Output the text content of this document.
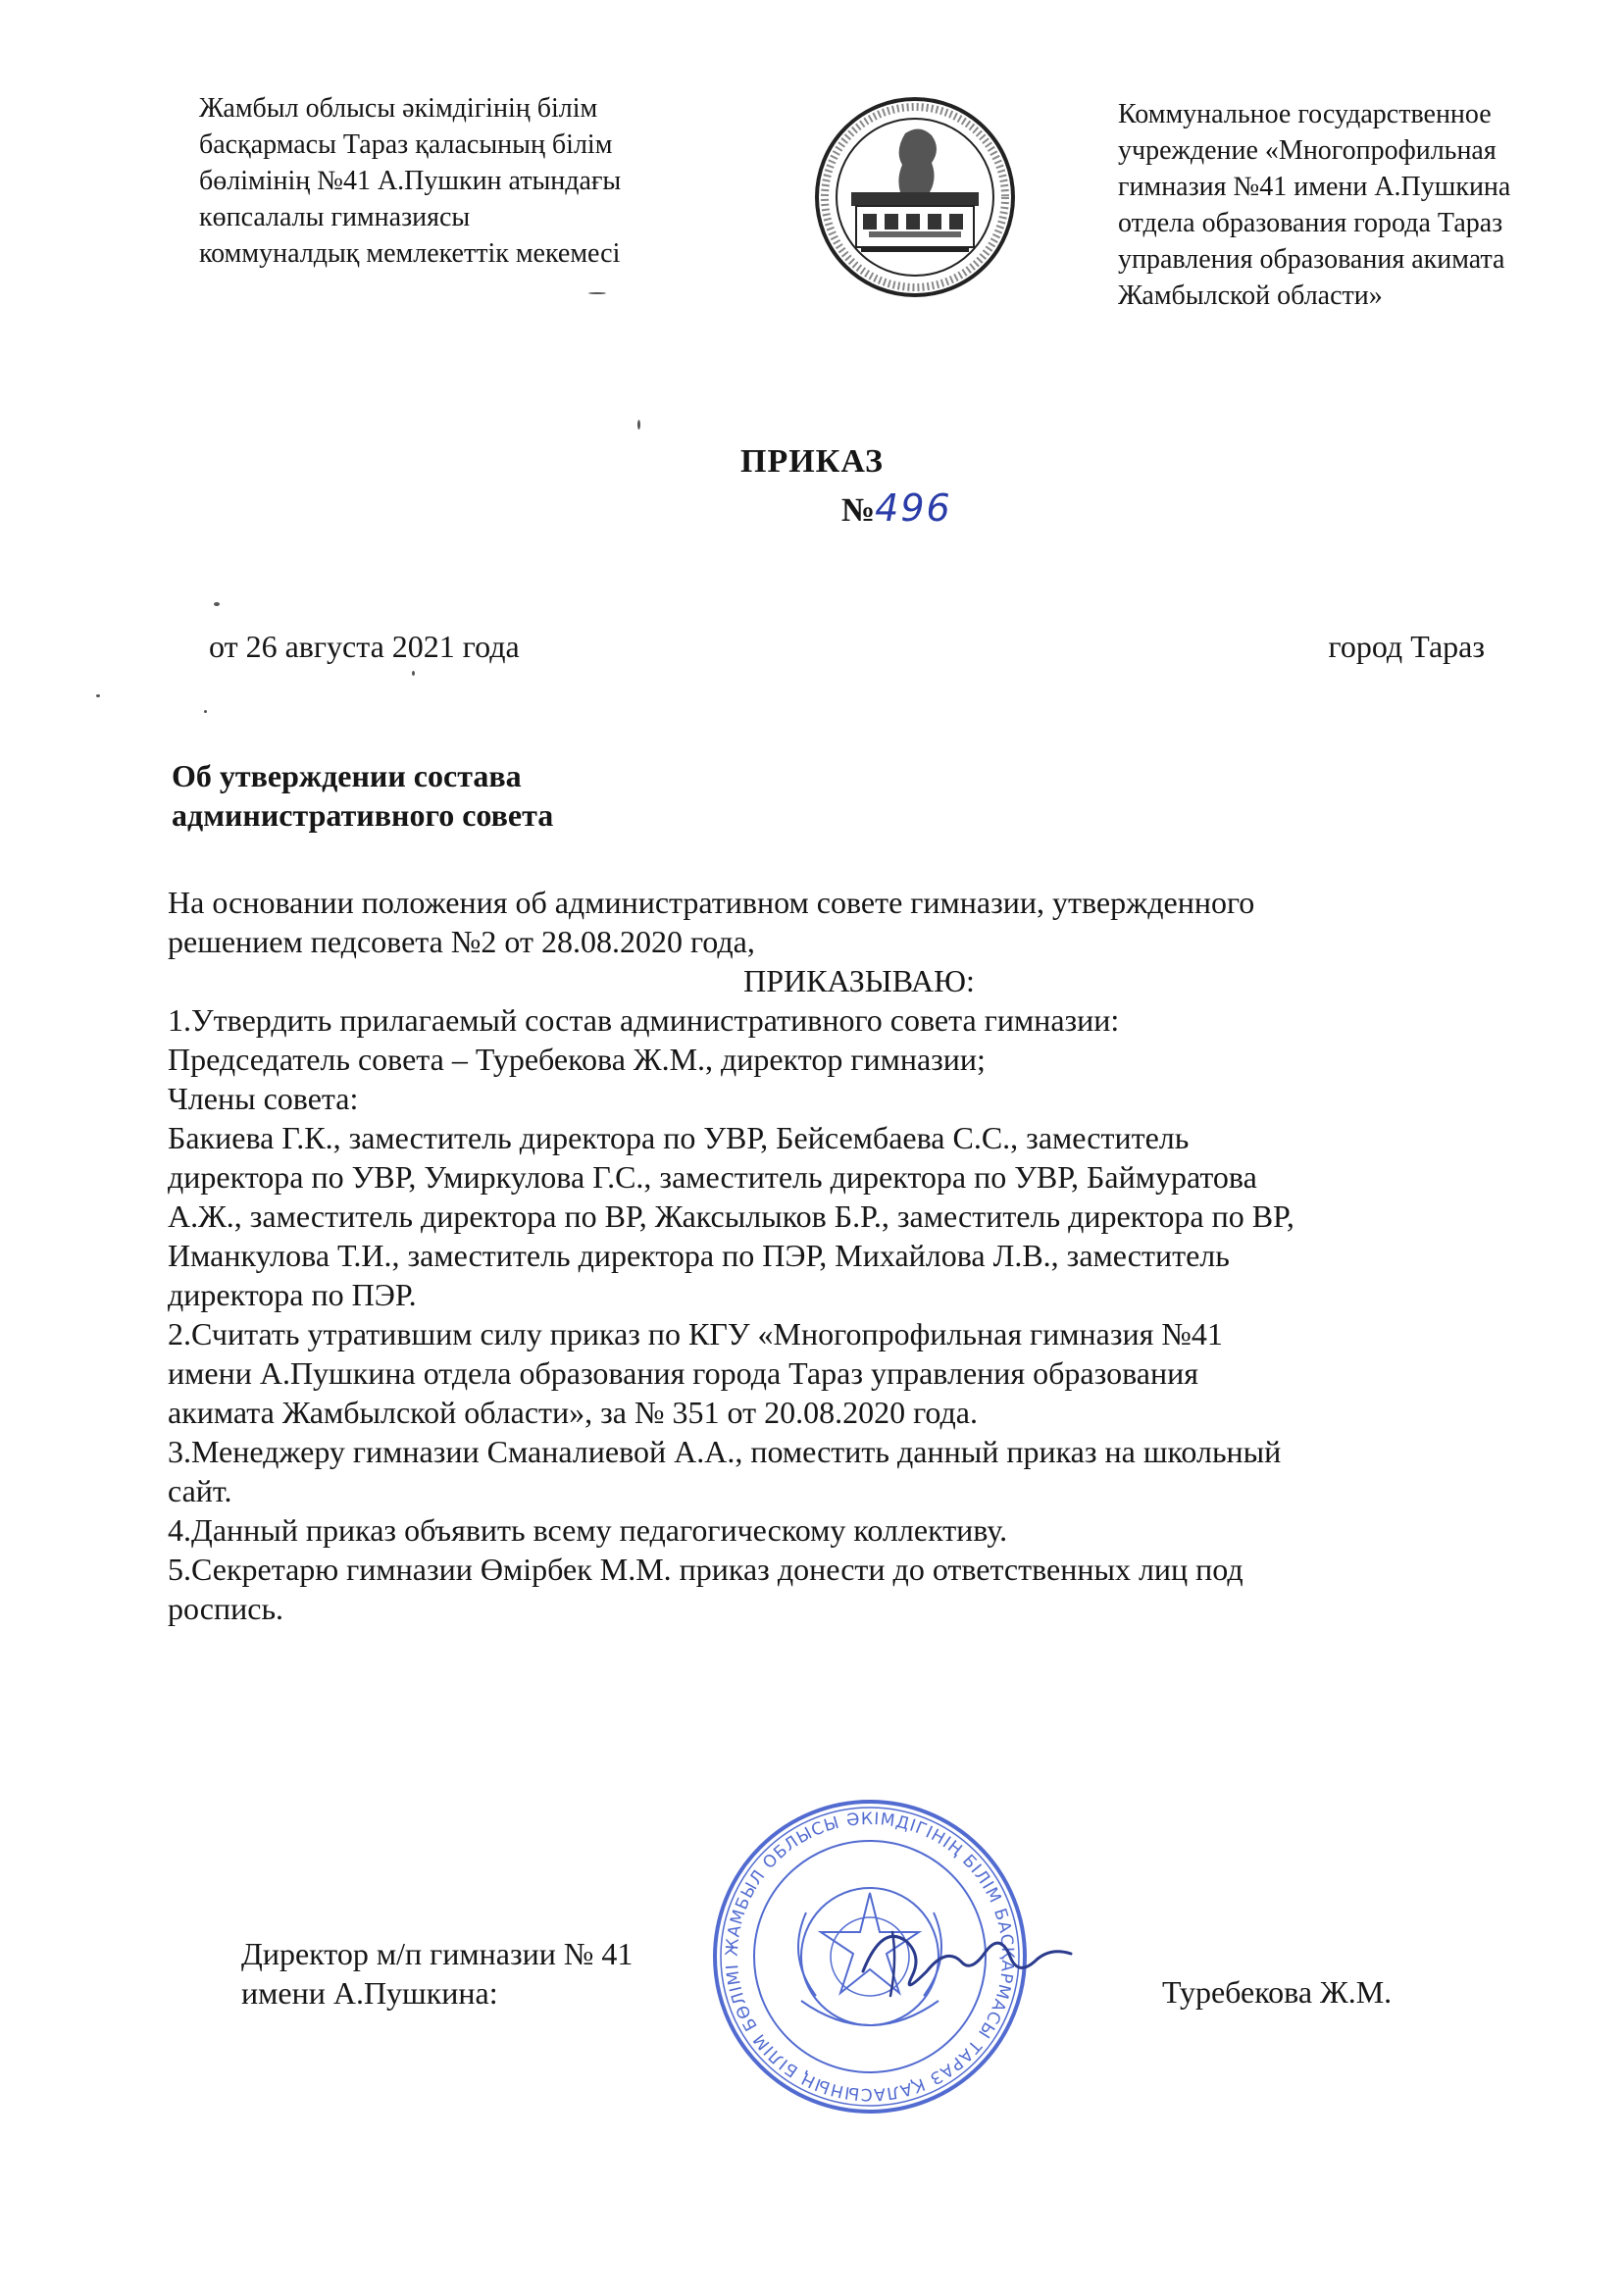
Жамбыл облысы әкімдігінің білім
басқармасы Тараз қаласының білім
бөлімінің №41 А.Пушкин атындағы
көпсалалы гимназиясы
коммуналдық мемлекеттік мекемесі
Коммунальное государственное
учреждение «Многопрофильная
гимназия №41 имени А.Пушкина
отдела образования города Тараз
управления образования акимата
Жамбылской области»
ПРИКАЗ
№496
от 26 августа 2021 года	город Тараз
Об утверждении состава
административного совета

На основании положения об административном совете гимназии, утвержденного

решением педсовета №2 от 28.08.2020 года,

ПРИКАЗЫВАЮ:

1.Утвердить прилагаемый состав административного совета гимназии:

Председатель совета – Туребекова Ж.М., директор гимназии;

Члены совета:

Бакиева Г.К., заместитель директора по УВР, Бейсембаева С.С., заместитель

директора по УВР, Умиркулова Г.С., заместитель директора по УВР, Баймуратова

А.Ж., заместитель директора по ВР, Жаксылыков Б.Р., заместитель директора по ВР,

Иманкулова Т.И., заместитель директора по ПЭР, Михайлова Л.В., заместитель

директора по ПЭР.

2.Считать утратившим силу приказ по КГУ «Многопрофильная гимназия №41

имени А.Пушкина отдела образования города Тараз управления образования

акимата Жамбылской области», за № 351 от 20.08.2020 года.

3.Менеджеру гимназии Сманалиевой А.А., поместить данный приказ на школьный

сайт.

4.Данный приказ объявить всему педагогическому коллективу.

5.Секретарю гимназии Өмірбек М.М. приказ донести до ответственных лиц под

роспись.

ЖАМБЫЛ ОБЛЫСЫ ӘКІМДІГІНІҢ БІЛІМ БАСҚАРМАСЫ ТАРАЗ ҚАЛАСЫНЫҢ БІЛІМ БӨЛІМІ
Директор м/п гимназии № 41
имени А.Пушкина:	Туребекова Ж.М.
